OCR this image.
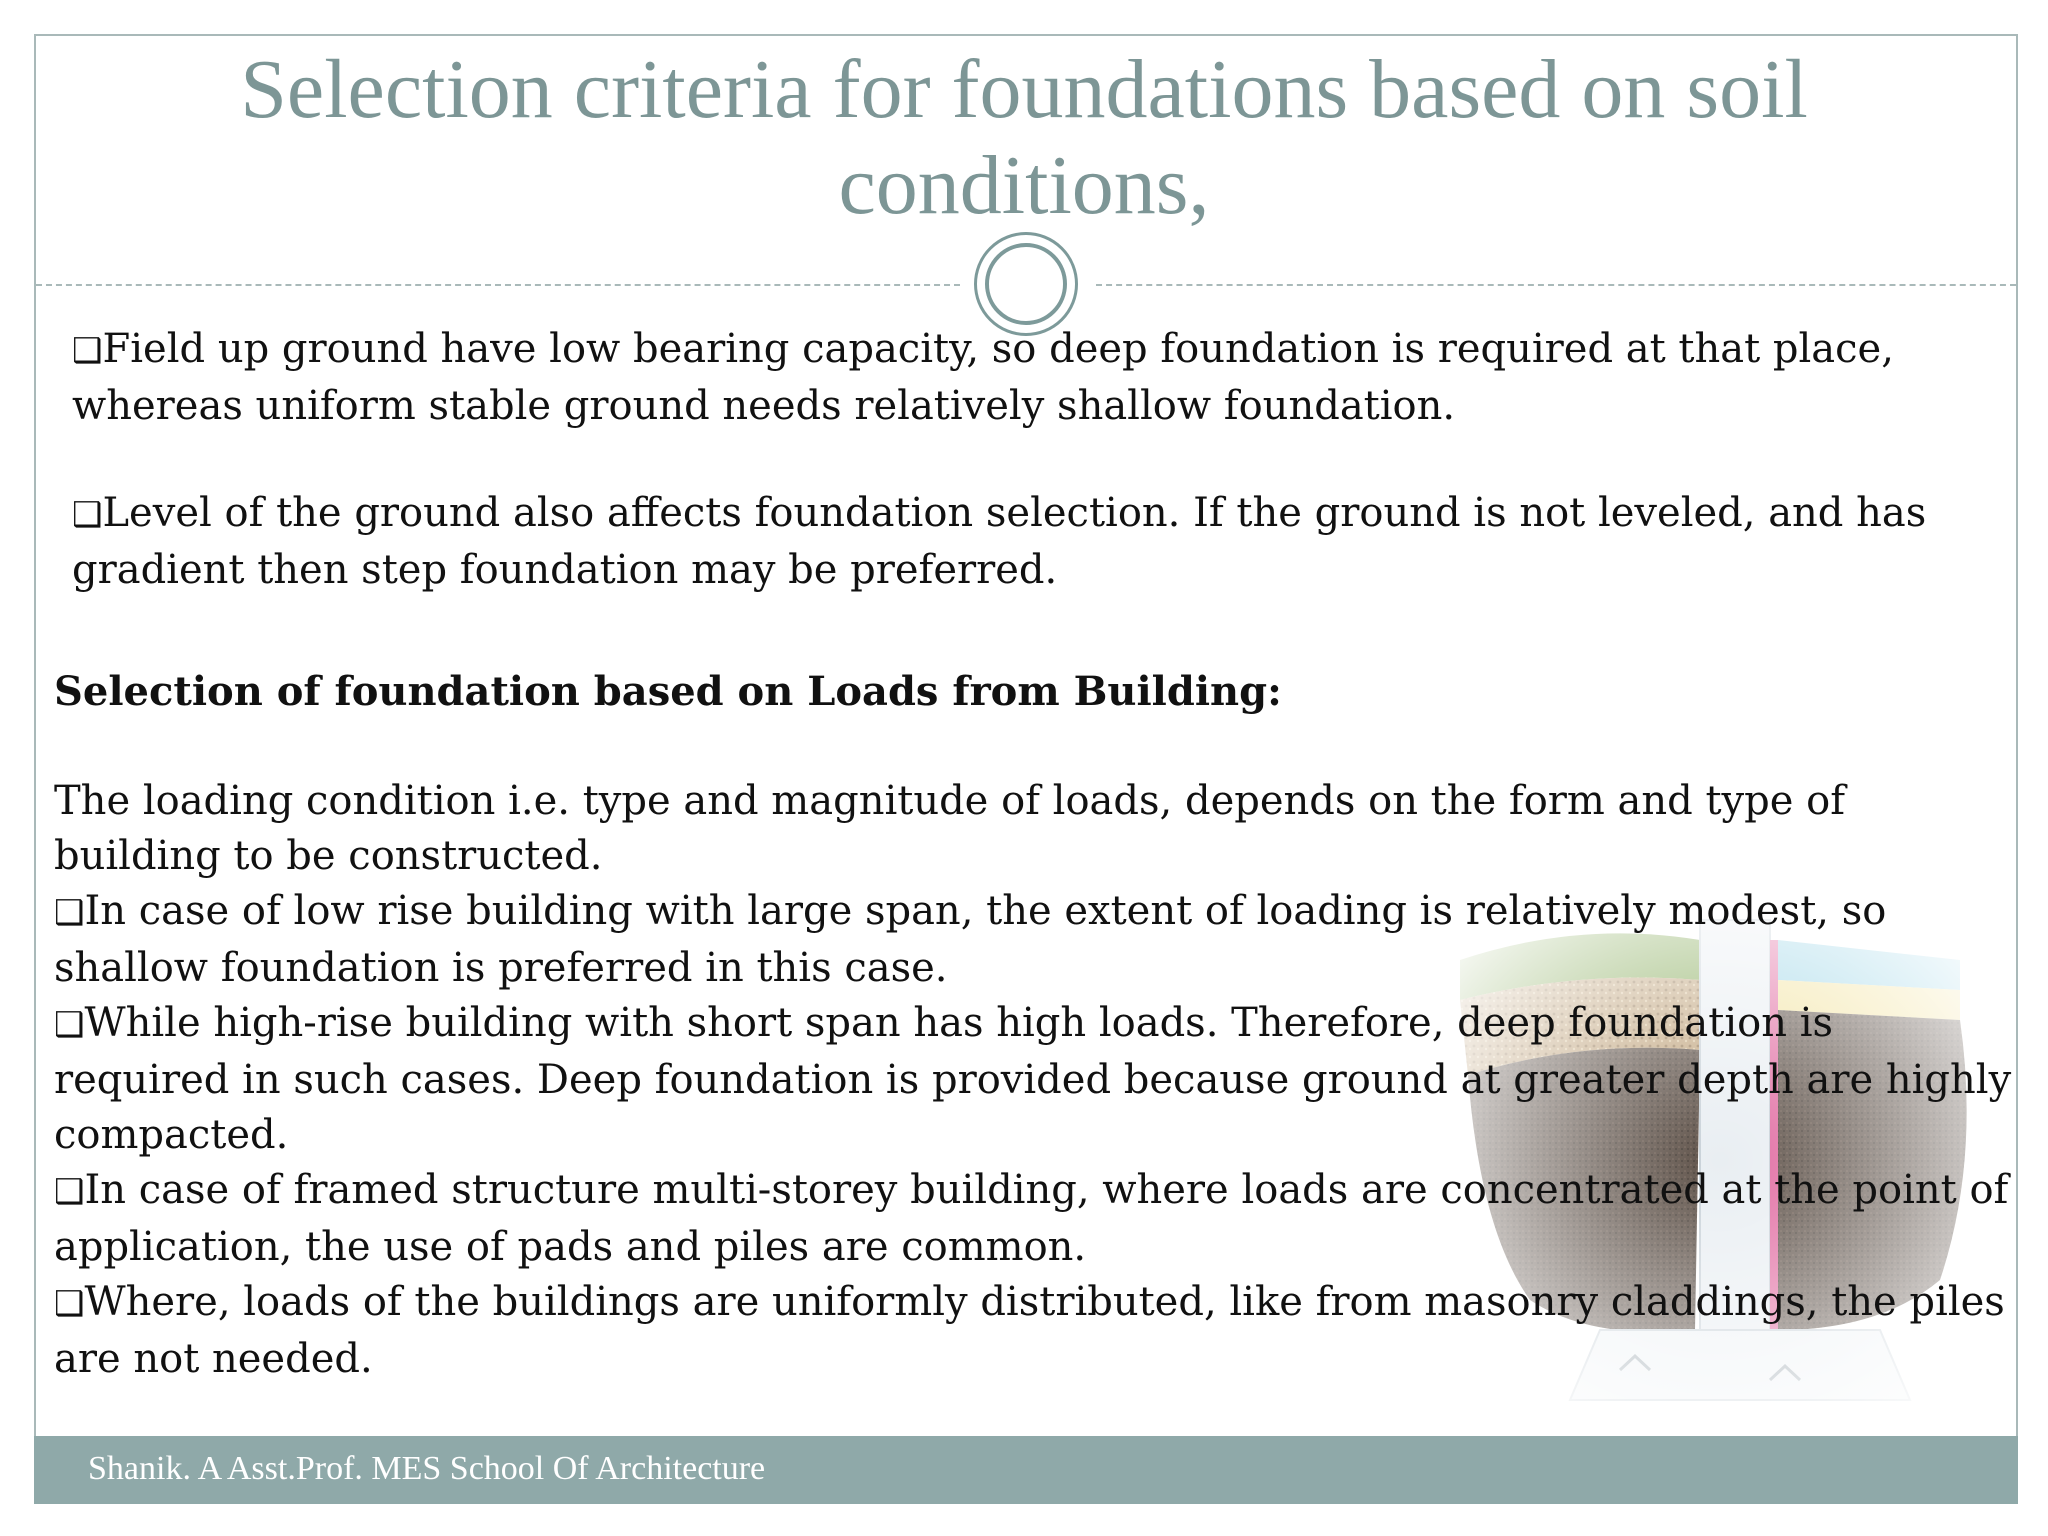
Selection criteria for foundations based on soil conditions,

❑Field up ground have low bearing capacity, so deep foundation is required at that place, whereas uniform stable ground needs relatively shallow foundation.

❑Level of the ground also affects foundation selection. If the ground is not leveled, and has gradient then step foundation may be preferred.

Selection of foundation based on Loads from Building:
The loading condition i.e. type and magnitude of loads, depends on the form and type of building to be constructed.
❑In case of low rise building with large span, the extent of loading is relatively modest, so shallow foundation is preferred in this case.
❑While high-rise building with short span has high loads. Therefore, deep foundation is required in such cases. Deep foundation is provided because ground at greater depth are highly compacted.
❑In case of framed structure multi-storey building, where loads are concentrated at the point of application, the use of pads and piles are common.
❑Where, loads of the buildings are uniformly distributed, like from masonry claddings, the piles are not needed.
Shanik. A Asst.Prof. MES School Of Architecture
